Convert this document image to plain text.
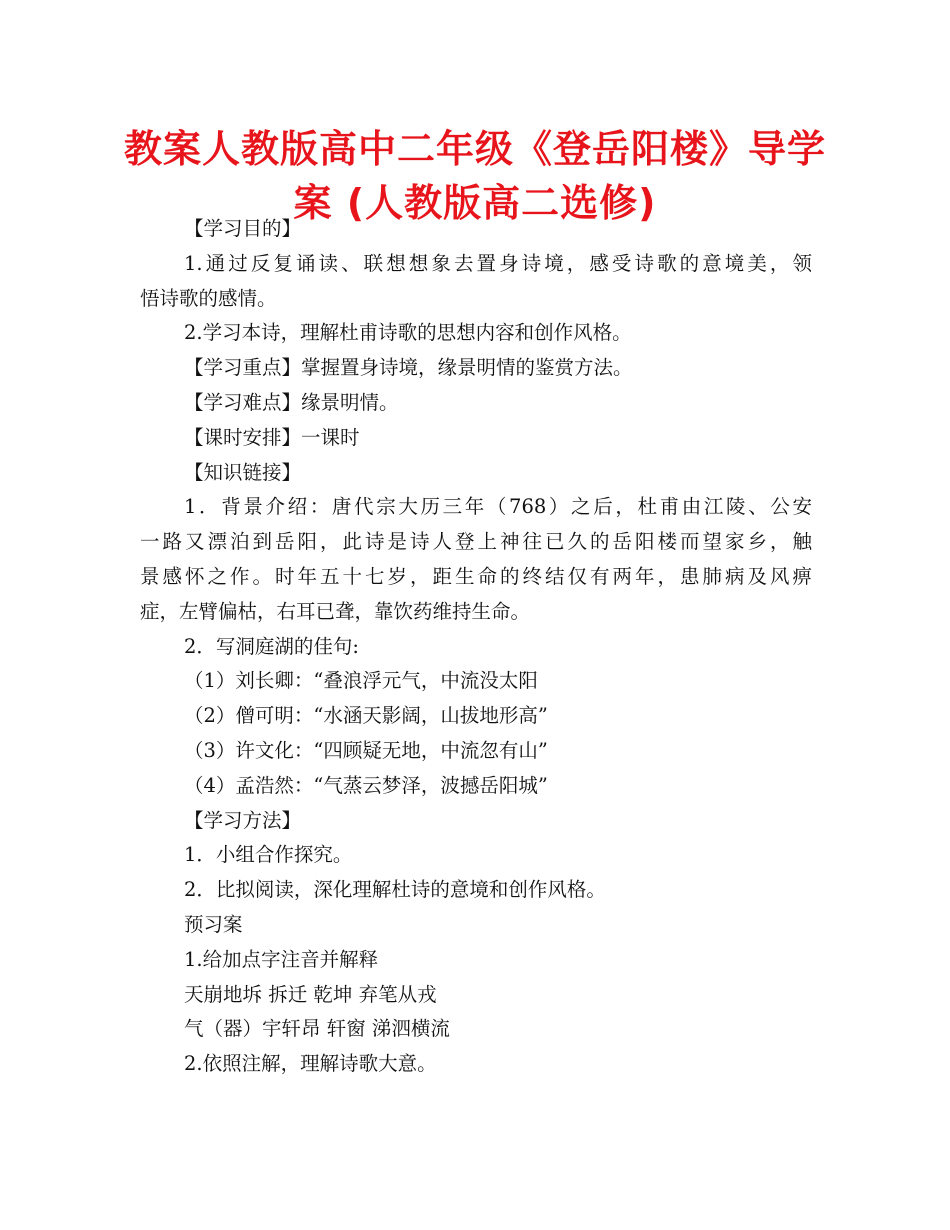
教案人教版高中二年级《登岳阳楼》导学
案 (人教版高二选修)
【学习目的】
1.通过反复诵读、联想想象去置身诗境，感受诗歌的意境美，领
悟诗歌的感情。
2.学习本诗，理解杜甫诗歌的思想内容和创作风格。
【学习重点】掌握置身诗境，缘景明情的鉴赏方法。
【学习难点】缘景明情。
【课时安排】一课时
【知识链接】
1．背景介绍：唐代宗大历三年（768）之后，杜甫由江陵、公安
一路又漂泊到岳阳，此诗是诗人登上神往已久的岳阳楼而望家乡，触
景感怀之作。时年五十七岁，距生命的终结仅有两年，患肺病及风痹
症，左臂偏枯，右耳已聋，靠饮药维持生命。
2．写洞庭湖的佳句:
（1）刘长卿：“叠浪浮元气，中流没太阳
（2）僧可明：“水涵天影阔，山拔地形高”
（3）许文化：“四顾疑无地，中流忽有山”
（4）孟浩然：“气蒸云梦泽，波撼岳阳城”
【学习方法】
1．小组合作探究。
2．比拟阅读，深化理解杜诗的意境和创作风格。
预习案
1.给加点字注音并解释
天崩地坼 拆迁 乾坤 弃笔从戎
气（器）宇轩昂 轩窗 涕泗横流
2.依照注解，理解诗歌大意。
